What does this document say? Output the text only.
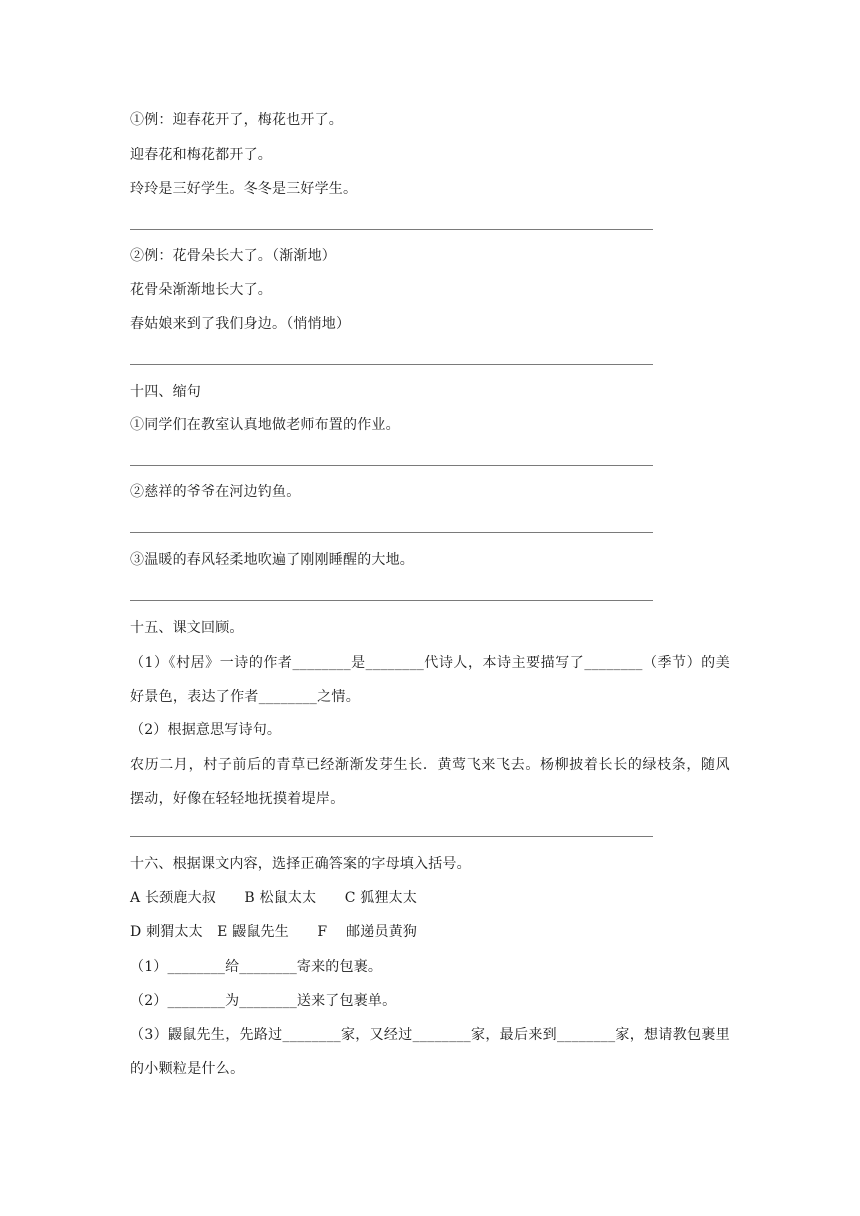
①例：迎春花开了，梅花也开了。
迎春花和梅花都开了。
玲玲是三好学生。冬冬是三好学生。
②例：花骨朵长大了。（渐渐地）
花骨朵渐渐地长大了。
春姑娘来到了我们身边。（悄悄地）
十四、缩句
①同学们在教室认真地做老师布置的作业。
②慈祥的爷爷在河边钓鱼。
③温暖的春风轻柔地吹遍了刚刚睡醒的大地。
十五、课文回顾。
（1）《村居》一诗的作者________是________代诗人，本诗主要描写了________（季节）的美好景色，表达了作者________之情。
（2）根据意思写诗句。
农历二月，村子前后的青草已经渐渐发芽生长．黄莺飞来飞去。杨柳披着长长的绿枝条，随风摆动，好像在轻轻地抚摸着堤岸。
十六、根据课文内容，选择正确答案的字母填入括号。
A 长颈鹿大叔　　B 松鼠太太　　C 狐狸太太
D 刺猬太太　E 鼹鼠先生　　F　 邮递员黄狗
（1）________给________寄来的包裹。
（2）________为________送来了包裹单。
（3）鼹鼠先生，先路过________家，又经过________家，最后来到________家，想请教包裹里的小颗粒是什么。
